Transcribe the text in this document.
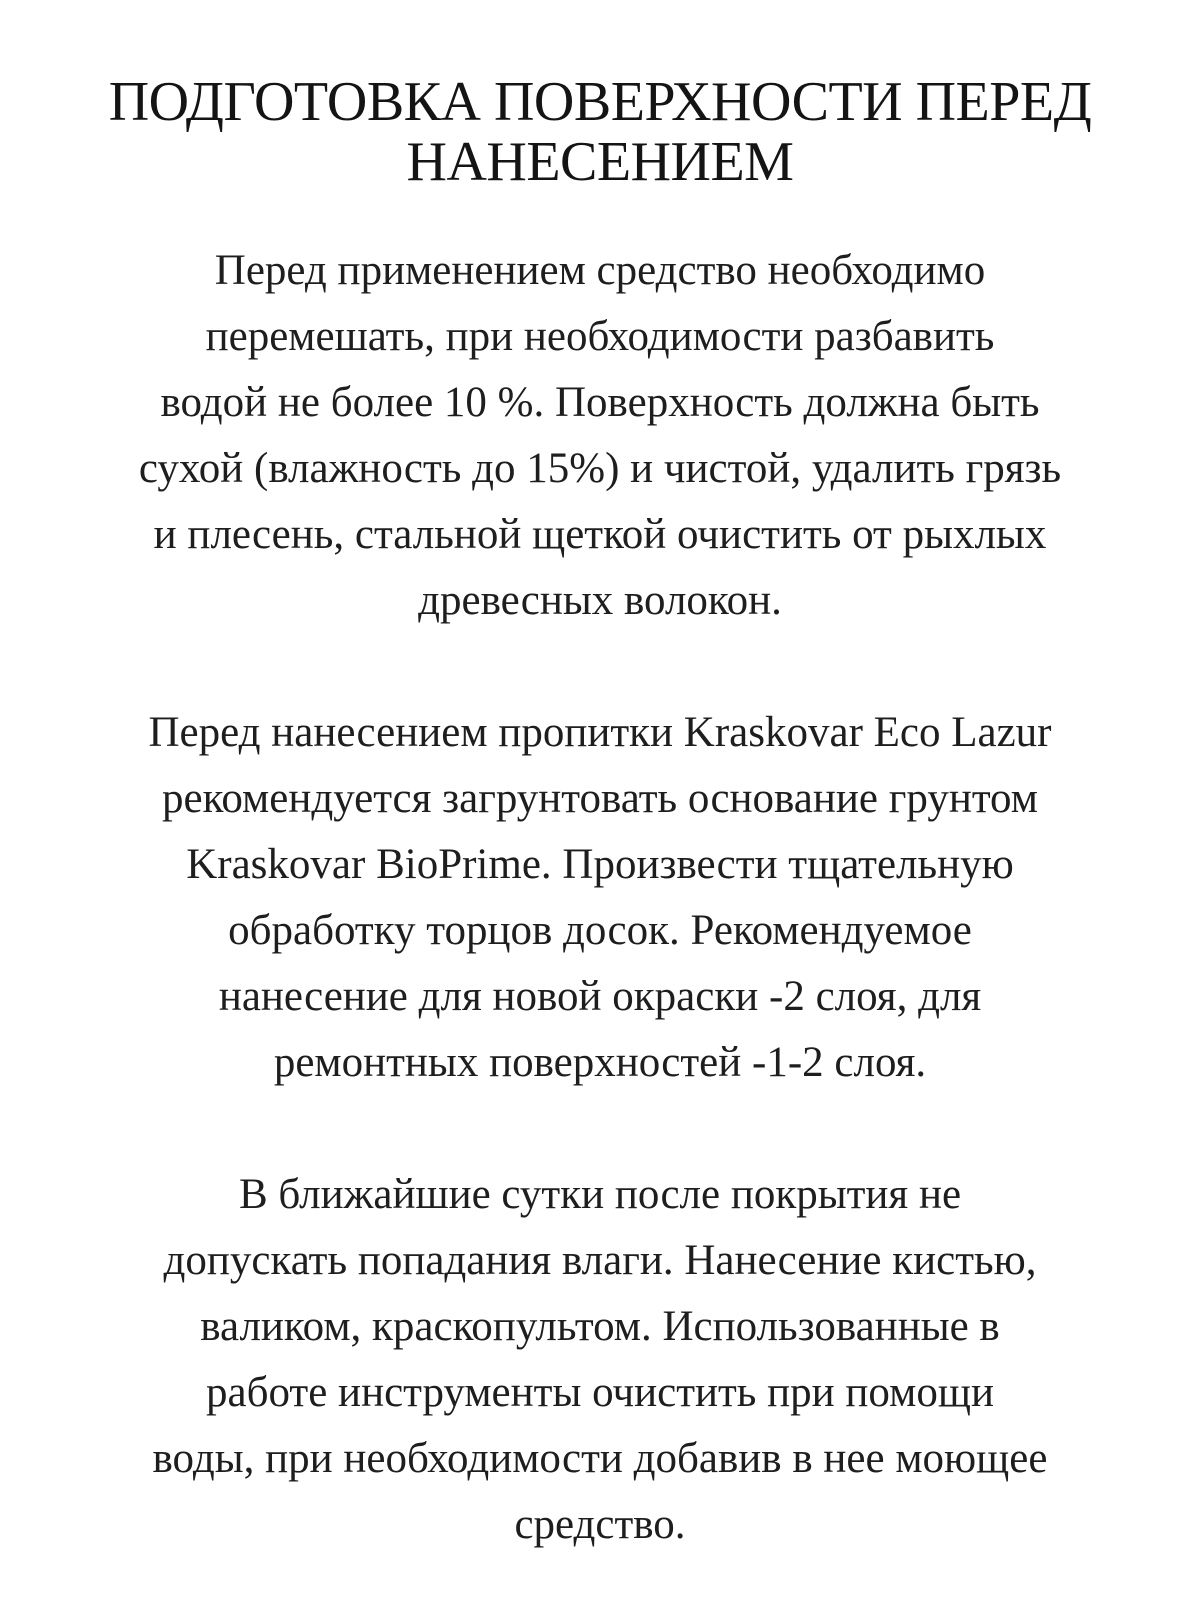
ПОДГОТОВКА ПОВЕРХНОСТИ ПЕРЕД
НАНЕСЕНИЕМ

Перед применением средство необходимо
перемешать, при необходимости разбавить
водой не более 10 %. Поверхность должна быть
сухой (влажность до 15%) и чистой, удалить грязь
и плесень, стальной щеткой очистить от рыхлых
древесных волокон.

Перед нанесением пропитки Kraskovar Eco Lazur
рекомендуется загрунтовать основание грунтом
Kraskovar BioPrime. Произвести тщательную
обработку торцов досок. Рекомендуемое
нанесение для новой окраски -2 слоя, для
ремонтных поверхностей -1-2 слоя.

В ближайшие сутки после покрытия не
допускать попадания влаги. Нанесение кистью,
валиком, краскопультом. Использованные в
работе инструменты очистить при помощи
воды, при необходимости добавив в нее моющее
средство.
